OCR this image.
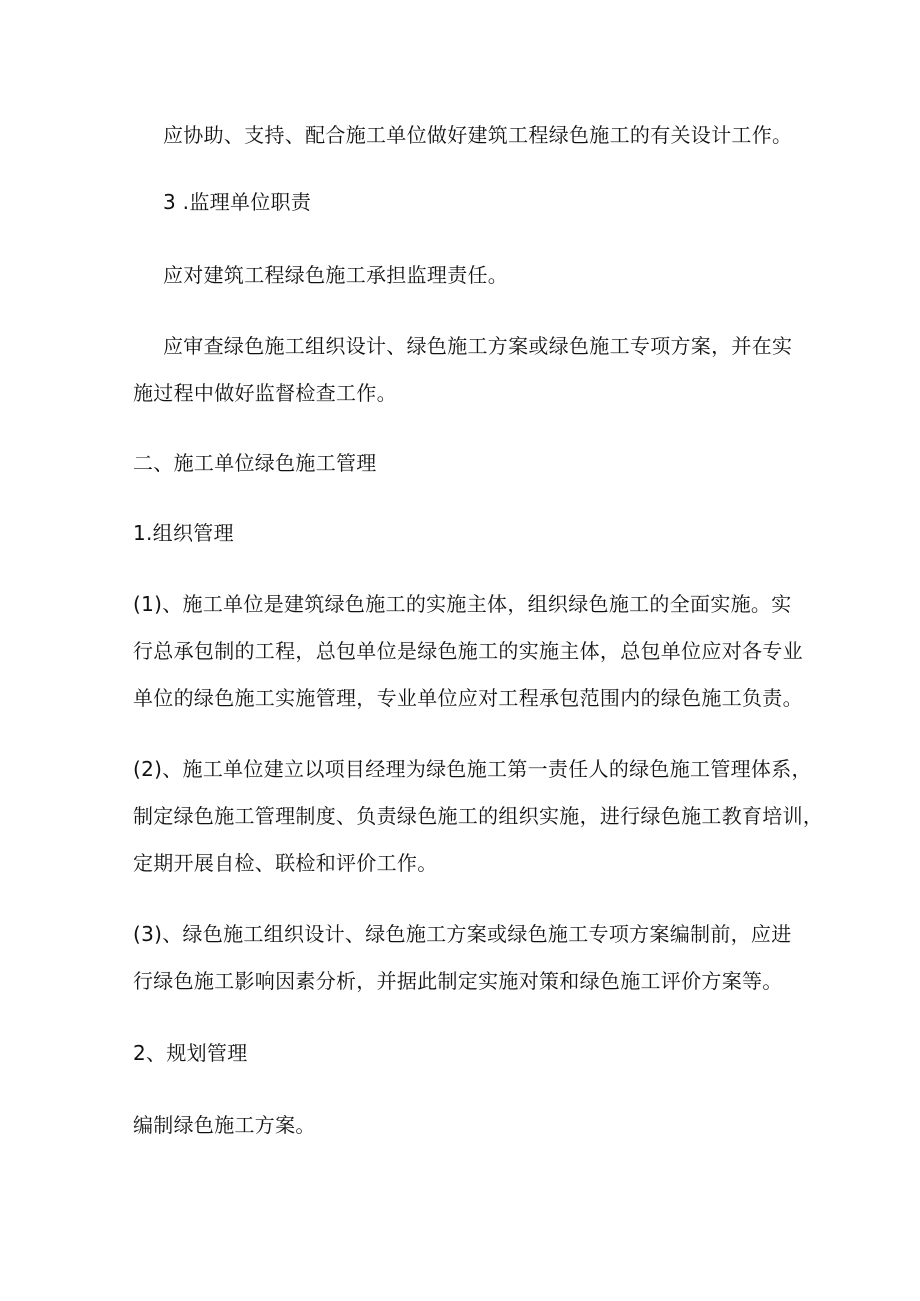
应协助、支持、配合施工单位做好建筑工程绿色施工的有关设计工作。

3 .监理单位职责

应对建筑工程绿色施工承担监理责任。

应审查绿色施工组织设计、绿色施工方案或绿色施工专项方案，并在实

施过程中做好监督检查工作。

二、施工单位绿色施工管理

1.组织管理

(1)、施工单位是建筑绿色施工的实施主体，组织绿色施工的全面实施。实

行总承包制的工程，总包单位是绿色施工的实施主体，总包单位应对各专业

单位的绿色施工实施管理，专业单位应对工程承包范围内的绿色施工负责。

(2)、施工单位建立以项目经理为绿色施工第一责任人的绿色施工管理体系，

制定绿色施工管理制度、负责绿色施工的组织实施，进行绿色施工教育培训，

定期开展自检、联检和评价工作。

(3)、绿色施工组织设计、绿色施工方案或绿色施工专项方案编制前，应进

行绿色施工影响因素分析，并据此制定实施对策和绿色施工评价方案等。

2、规划管理

编制绿色施工方案。
